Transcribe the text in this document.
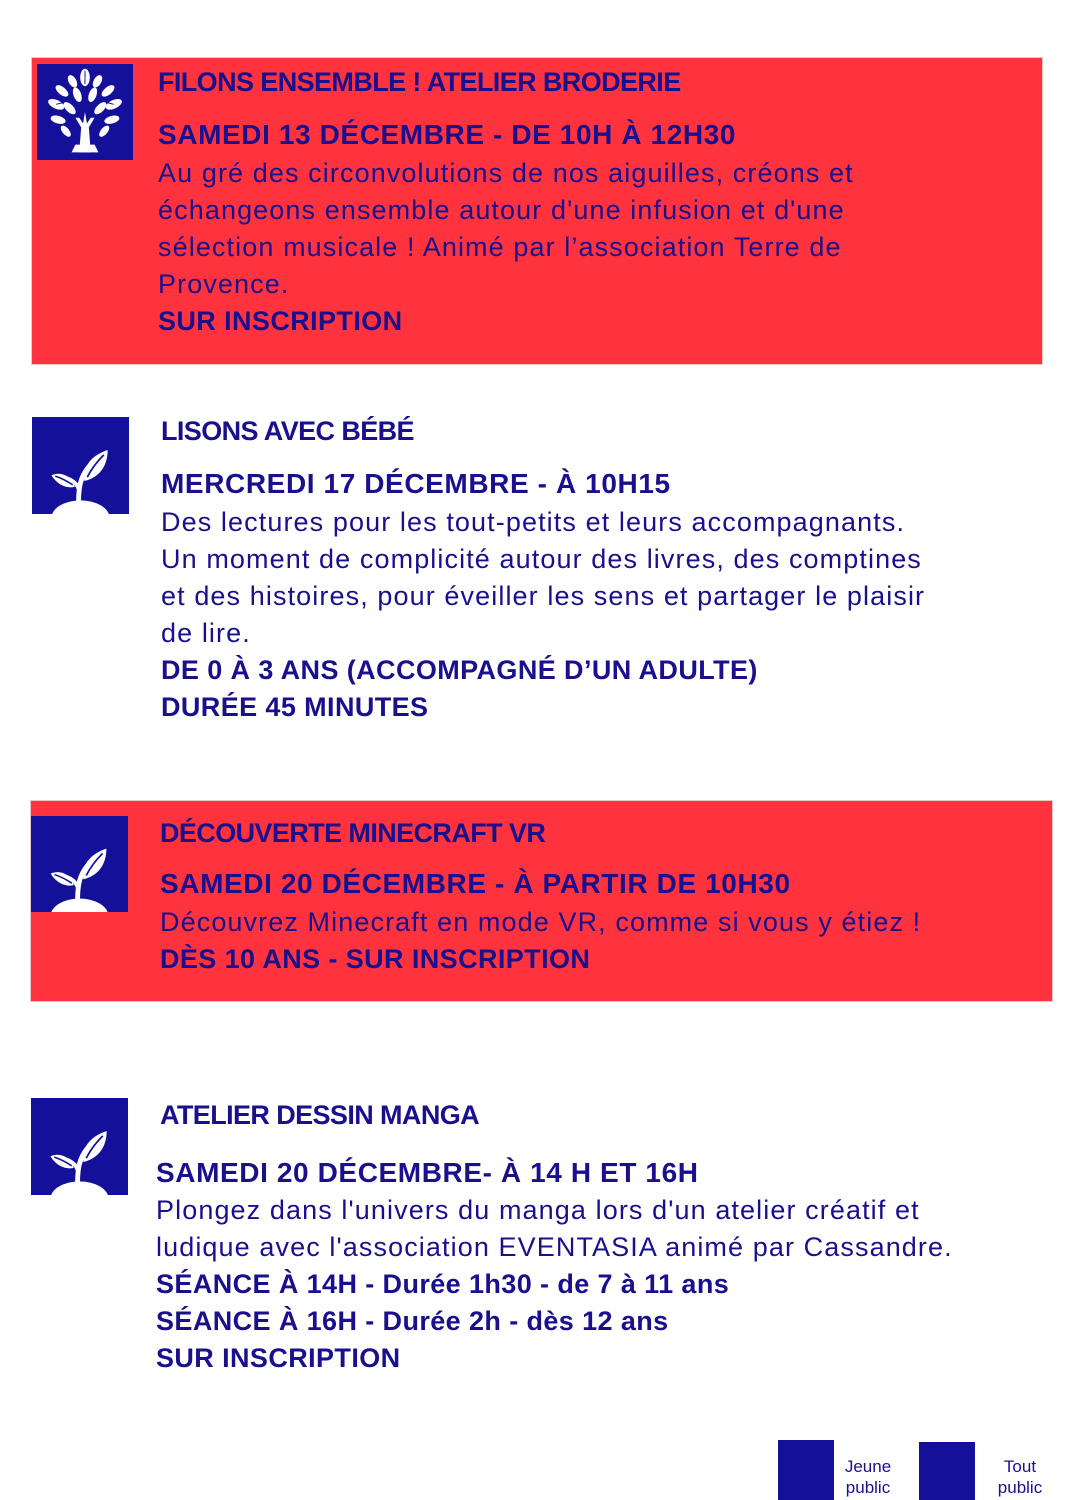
FILONS ENSEMBLE ! ATELIER BRODERIE
SAMEDI 13 DÉCEMBRE - DE 10H À 12H30
Au gré des circonvolutions de nos aiguilles, créons et
échangeons ensemble autour d'une infusion et d'une
sélection musicale ! Animé par l’association Terre de
Provence.
SUR INSCRIPTION
LISONS AVEC BÉBÉ
MERCREDI 17 DÉCEMBRE - À 10H15
Des lectures pour les tout-petits et leurs accompagnants.
Un moment de complicité autour des livres, des comptines
et des histoires, pour éveiller les sens et partager le plaisir
de lire.
DE 0 À 3 ANS (ACCOMPAGNÉ D’UN ADULTE)
DURÉE 45 MINUTES
DÉCOUVERTE MINECRAFT VR
SAMEDI 20 DÉCEMBRE - À PARTIR DE 10H30
Découvrez Minecraft en mode VR, comme si vous y étiez !
DÈS 10 ANS - SUR INSCRIPTION
ATELIER DESSIN MANGA
SAMEDI 20 DÉCEMBRE- À 14 H ET 16H
Plongez dans l'univers du manga lors d'un atelier créatif et
ludique avec l'association EVENTASIA animé par Cassandre.
SÉANCE À 14H - Durée 1h30 - de 7 à 11 ans
SÉANCE À 16H - Durée 2h - dès 12 ans
SUR INSCRIPTION
Jeune
public
Tout
public
